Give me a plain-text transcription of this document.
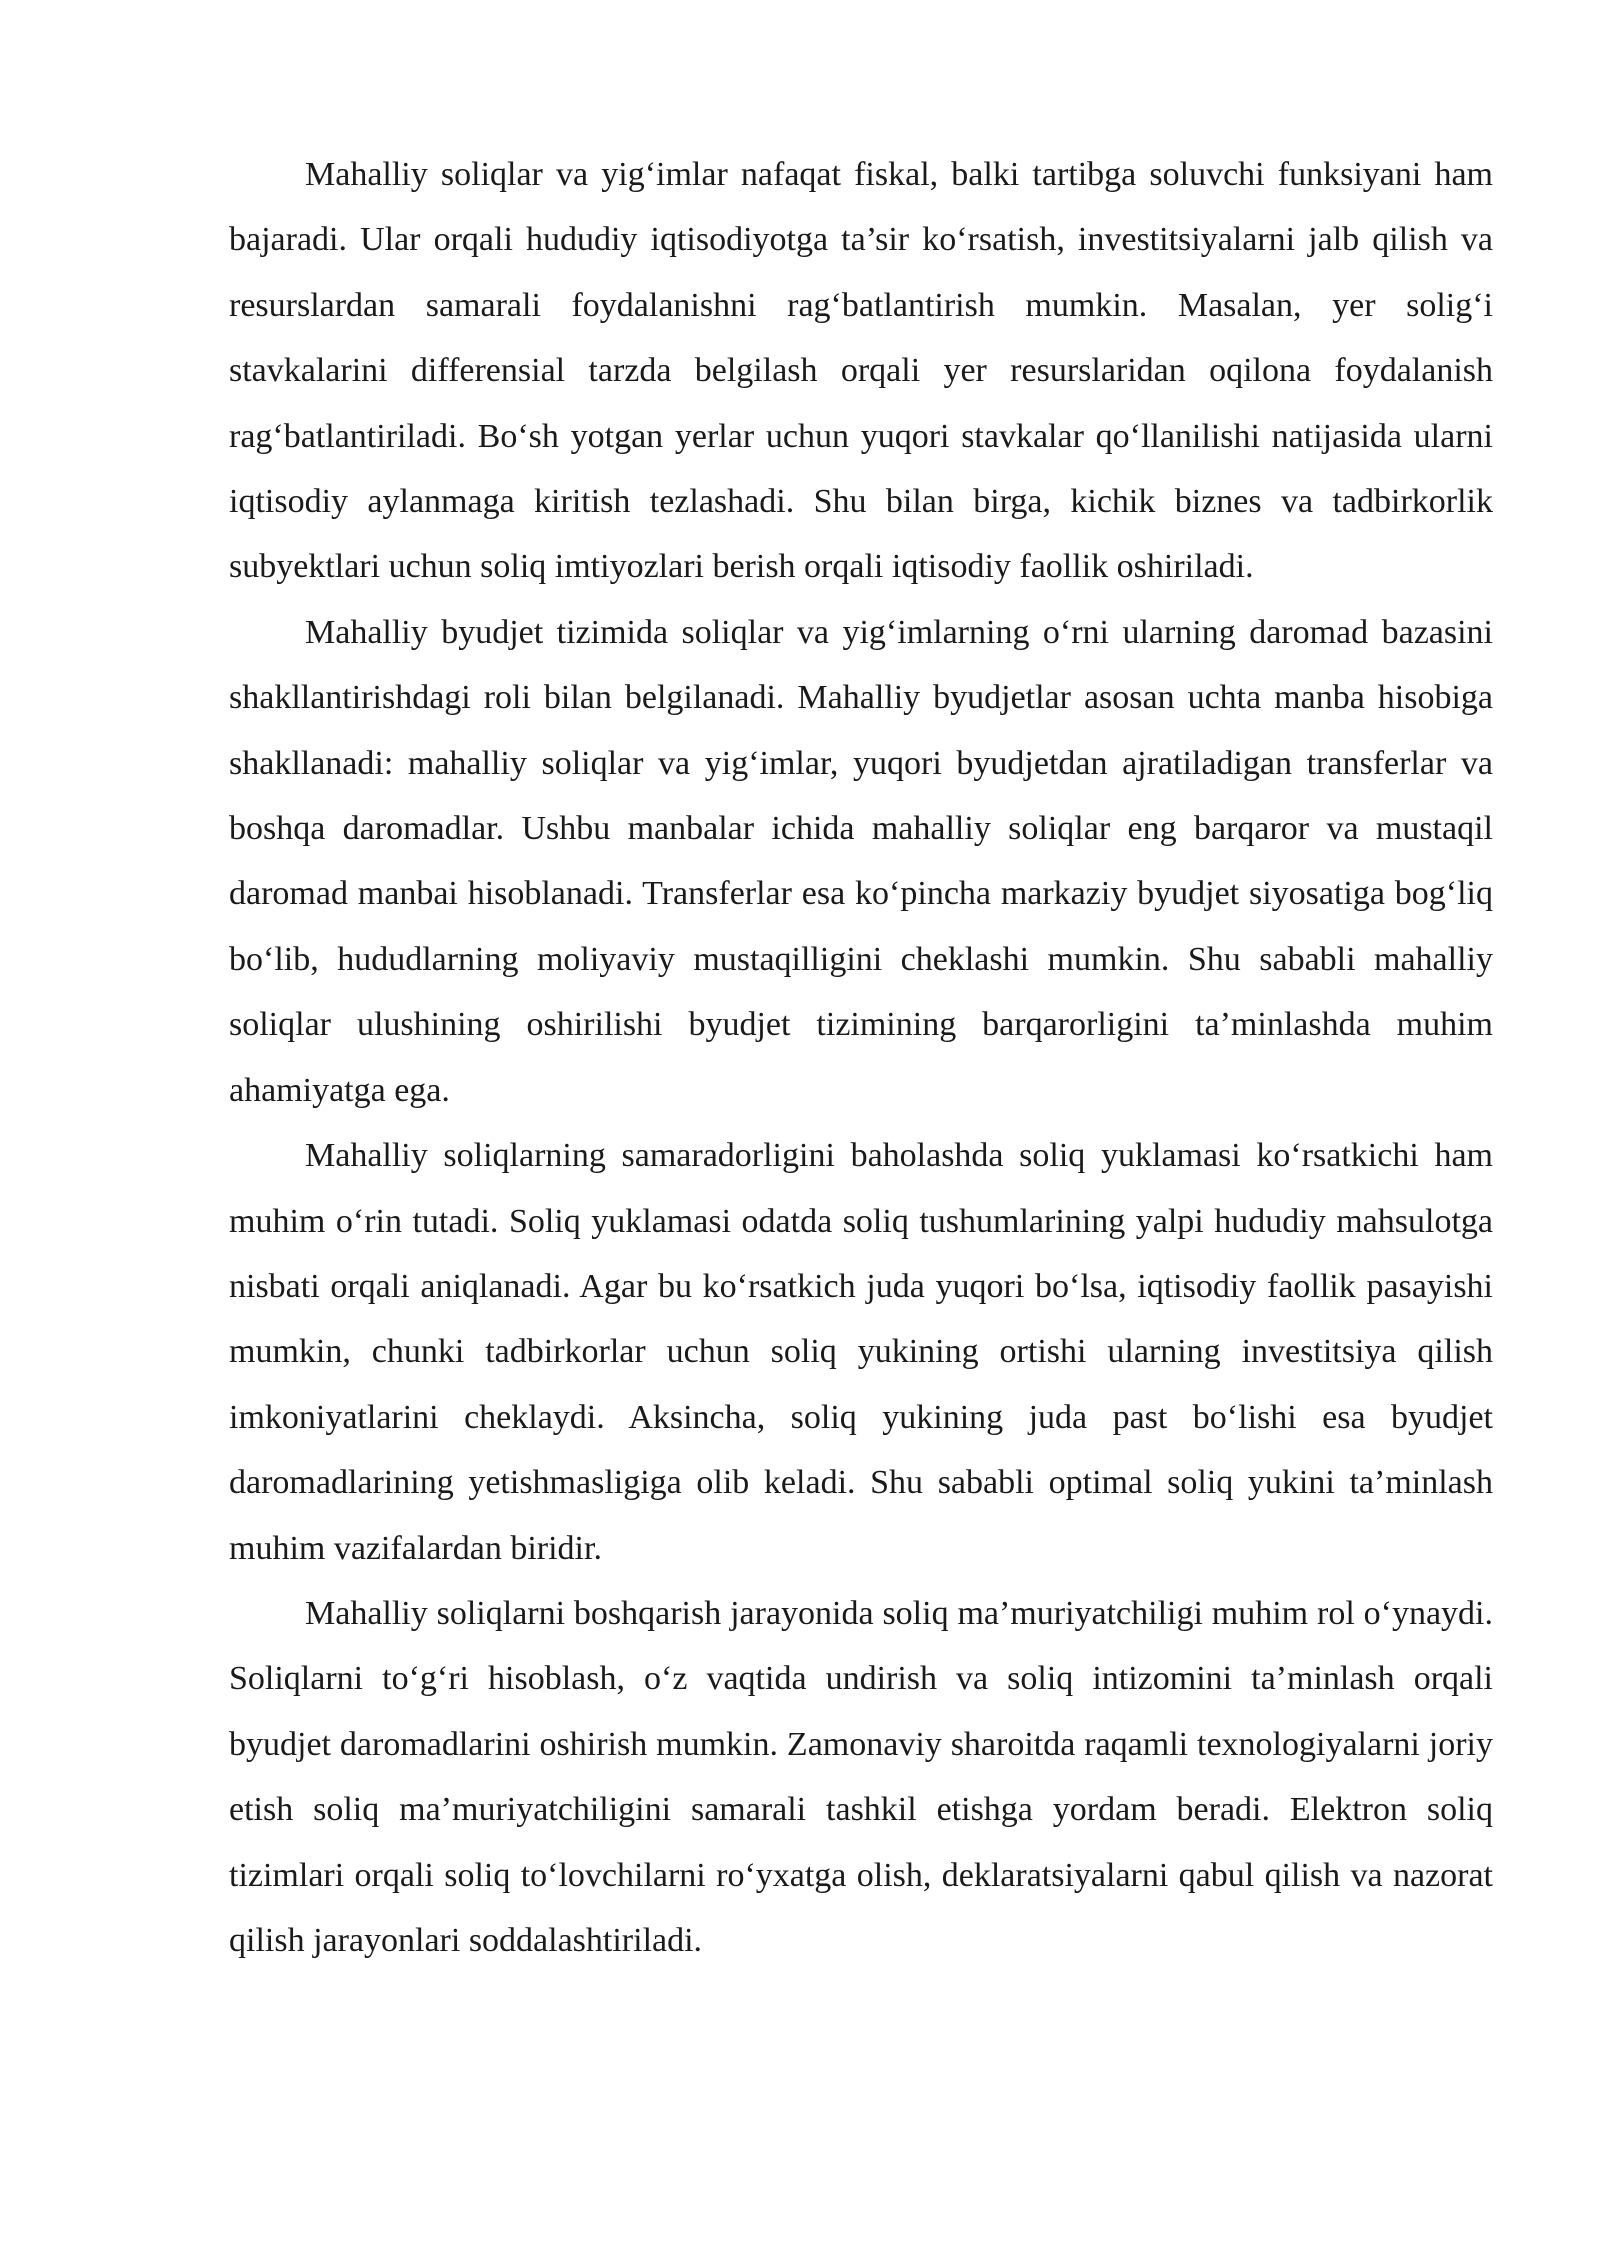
Mahalliy soliqlar va yig‘imlar nafaqat fiskal, balki tartibga soluvchi funksiyani ham bajaradi. Ular orqali hududiy iqtisodiyotga ta’sir ko‘rsatish, investitsiyalarni jalb qilish va resurslardan samarali foydalanishni rag‘batlantirish mumkin. Masalan, yer solig‘i stavkalarini differensial tarzda belgilash orqali yer resurslaridan oqilona foydalanish rag‘batlantiriladi. Bo‘sh yotgan yerlar uchun yuqori stavkalar qo‘llanilishi natijasida ularni iqtisodiy aylanmaga kiritish tezlashadi. Shu bilan birga, kichik biznes va tadbirkorlik subyektlari uchun soliq imtiyozlari berish orqali iqtisodiy faollik oshiriladi.

Mahalliy byudjet tizimida soliqlar va yig‘imlarning o‘rni ularning daromad bazasini shakllantirishdagi roli bilan belgilanadi. Mahalliy byudjetlar asosan uchta manba hisobiga shakllanadi: mahalliy soliqlar va yig‘imlar, yuqori byudjetdan ajratiladigan transferlar va boshqa daromadlar. Ushbu manbalar ichida mahalliy soliqlar eng barqaror va mustaqil daromad manbai hisoblanadi. Transferlar esa ko‘pincha markaziy byudjet siyosatiga bog‘liq bo‘lib, hududlarning moliyaviy mustaqilligini cheklashi mumkin. Shu sababli mahalliy soliqlar ulushining oshirilishi byudjet tizimining barqarorligini ta’minlashda muhim ahamiyatga ega.

Mahalliy soliqlarning samaradorligini baholashda soliq yuklamasi ko‘rsatkichi ham muhim o‘rin tutadi. Soliq yuklamasi odatda soliq tushumlarining yalpi hududiy mahsulotga nisbati orqali aniqlanadi. Agar bu ko‘rsatkich juda yuqori bo‘lsa, iqtisodiy faollik pasayishi mumkin, chunki tadbirkorlar uchun soliq yukining ortishi ularning investitsiya qilish imkoniyatlarini cheklaydi. Aksincha, soliq yukining juda past bo‘lishi esa byudjet daromadlarining yetishmasligiga olib keladi. Shu sababli optimal soliq yukini ta’minlash muhim vazifalardan biridir.

Mahalliy soliqlarni boshqarish jarayonida soliq ma’muriyatchiligi muhim rol o‘ynaydi. Soliqlarni to‘g‘ri hisoblash, o‘z vaqtida undirish va soliq intizomini ta’minlash orqali byudjet daromadlarini oshirish mumkin. Zamonaviy sharoitda raqamli texnologiyalarni joriy etish soliq ma’muriyatchiligini samarali tashkil etishga yordam beradi. Elektron soliq tizimlari orqali soliq to‘lovchilarni ro‘yxatga olish, deklaratsiyalarni qabul qilish va nazorat qilish jarayonlari soddalashtiriladi.
